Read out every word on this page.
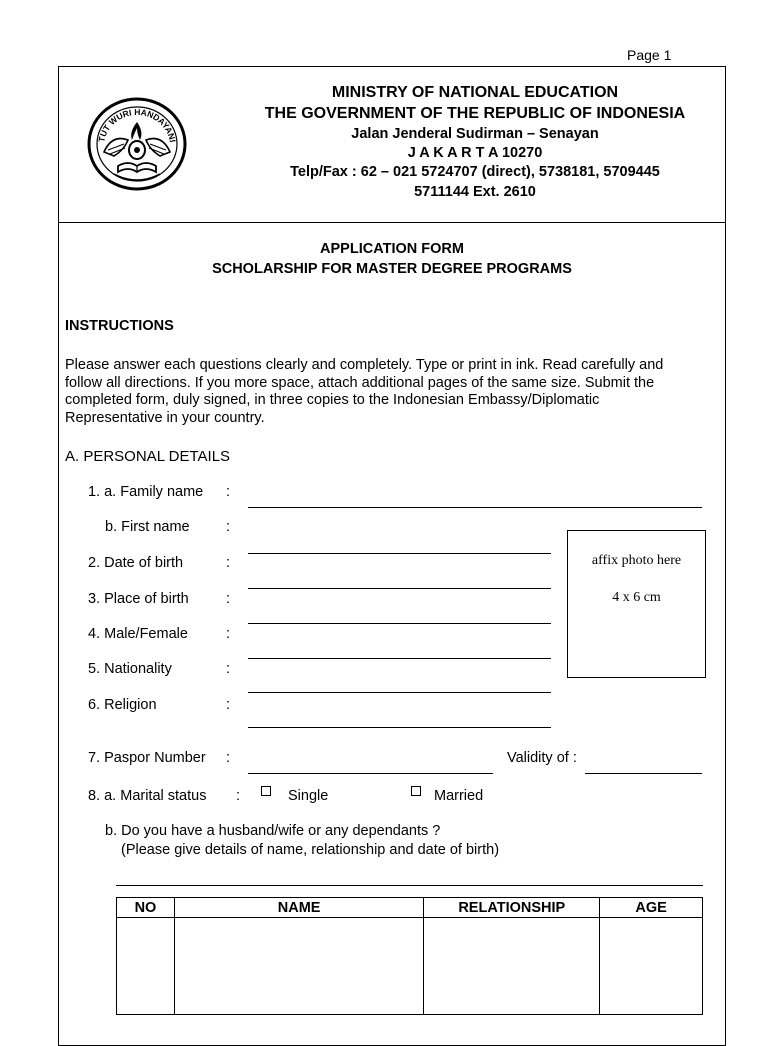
Page 1
TUT WURI HANDAYANI
MINISTRY OF NATIONAL EDUCATION
THE GOVERNMENT OF THE REPUBLIC OF INDONESIA
Jalan Jenderal Sudirman – Senayan
J A K A R T A 10270
Telp/Fax : 62 – 021 5724707 (direct), 5738181, 5709445
5711144 Ext. 2610
APPLICATION FORM
SCHOLARSHIP FOR MASTER DEGREE PROGRAMS
INSTRUCTIONS
Please answer each questions clearly and completely. Type or print in ink. Read carefully and
follow all directions. If you more space, attach additional pages of the same size. Submit the
completed form, duly signed, in three copies to the Indonesian Embassy/Diplomatic
Representative in your country.
A. PERSONAL DETAILS
1. a. Family name :
b. First name	:
2. Date of birth	:
3. Place of birth	:
4. Male/Female	:
5. Nationality	:
6. Religion	:
affix photo here
4 x 6 cm
7. Paspor Number :	Validity of :
8. a. Marital status :	Single	Married
b. Do you have a husband/wife or any dependants ?
(Please give details of name, relationship and date of birth)
NO	NAME	RELATIONSHIP	AGE
